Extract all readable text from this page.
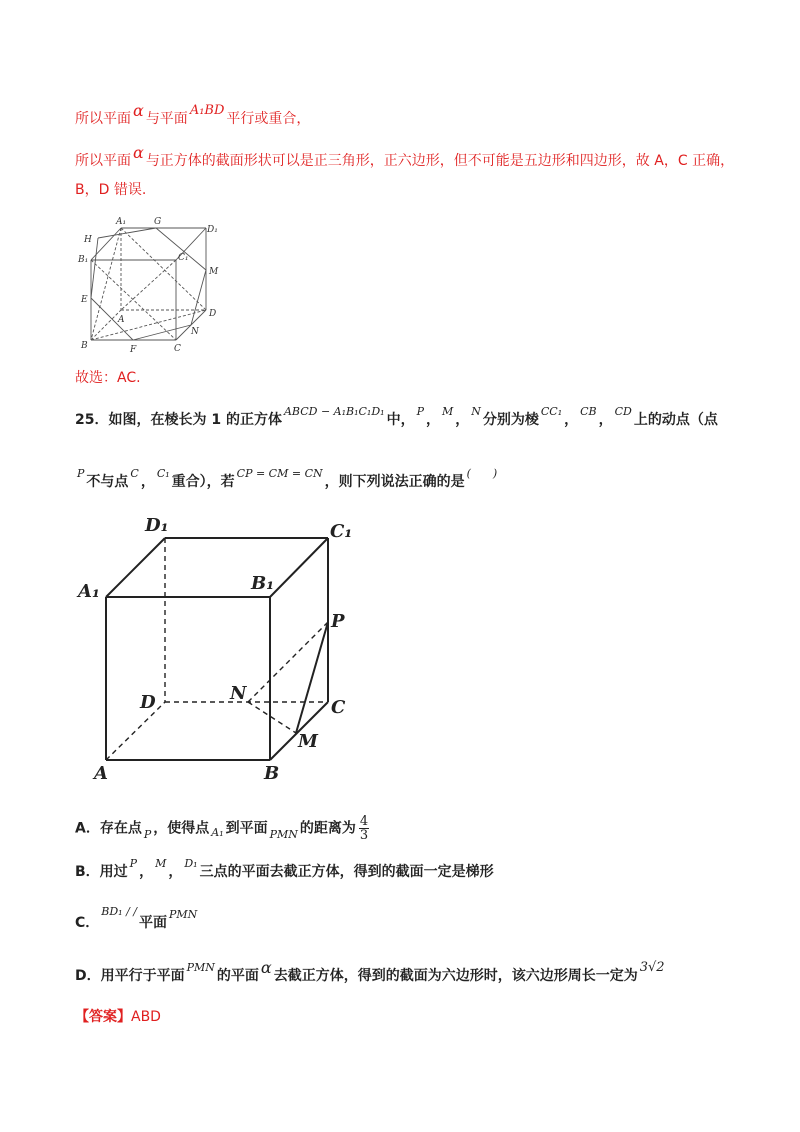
所以平面 α 与平面A₁BD平行或重合，
所以平面 α 与正方体的截面形状可以是正三角形，正六边形，但不可能是五边形和四边形，故 A，C 正确，
B，D 错误.
A₁	G
D₁
H
B₁	C₁
M
E
A
D
N
B	F	C
故选：AC.
25．如图，在棱长为 1 的正方体$^{ABCD - A_1B_1C_1D_1}$中，$^P$，$^M$，$^N$分别为棱$^{CC_1}$，$^{CB}$，$^{CD}$上的动点（点
$^P$不与点$^C$，$^{C_1}$重合），若$^{CP = CM = CN}$，则下列说法正确的是(　　)
D₁	C₁
A₁	B₁
P
N
D	C
M
A	B
A．存在点 $_P$ ，使得点 $_{A_1}$ 到平面 $_{PMN}$ 的距离为 $\frac{4}{3}$
B．用过$^P$，$^M$，$^{D_1}$三点的平面去截正方体，得到的截面一定是梯形
C．$^{BD_1 / /}$平面$^{PMN}$
D．用平行于平面$^{PMN}$的平面 α 去截正方体，得到的截面为六边形时，该六边形周长一定为3√2
【答案】ABD
